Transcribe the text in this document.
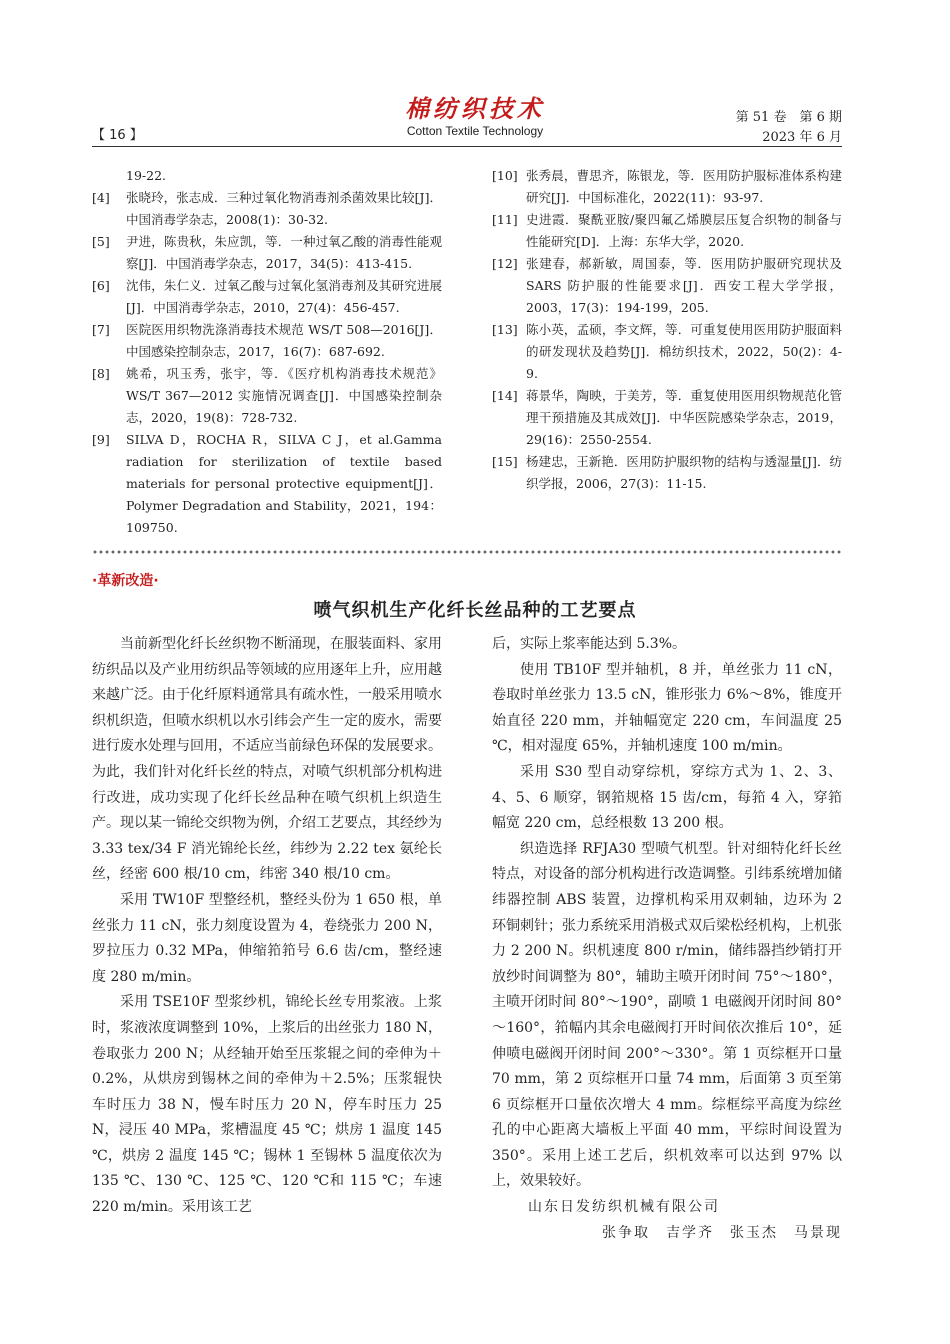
【 16 】
棉纺织技术
Cotton Textile Technology
第 51 卷　第 6 期
2023 年 6 月
19-22.
[4]	张晓玲，张志成．三种过氧化物消毒剂杀菌效果比较[J]．中国消毒学杂志，2008(1)：30-32.
[5]	尹进，陈贵秋，朱应凯，等．一种过氧乙酸的消毒性能观察[J]．中国消毒学杂志，2017，34(5)：413-415.
[6]	沈伟，朱仁义．过氧乙酸与过氧化氢消毒剂及其研究进展[J]．中国消毒学杂志，2010，27(4)：456-457.
[7]	医院医用织物洗涤消毒技术规范 WS/T 508—2016[J]．中国感染控制杂志，2017，16(7)：687-692.
[8]	姚希，巩玉秀，张宇，等．《医疗机构消毒技术规范》WS/T 367—2012 实施情况调查[J]．中国感染控制杂志，2020，19(8)：728-732.
[9]	SILVA D，ROCHA R，SILVA C J，et al.Gamma radiation for sterilization of textile based materials for personal protective equipment[J]．Polymer Degradation and Stability，2021，194：109750.
[10] 张秀晨，曹思齐，陈银龙，等．医用防护服标准体系构建研究[J]．中国标准化，2022(11)：93-97.
[11] 史进霞．聚酰亚胺/聚四氟乙烯膜层压复合织物的制备与性能研究[D]．上海：东华大学，2020.
[12] 张建春，郝新敏，周国泰，等．医用防护服研究现状及 SARS 防护服的性能要求[J]．西安工程大学学报，2003，17(3)：194-199，205.
[13] 陈小英，孟硕，李文辉，等．可重复使用医用防护服面料的研发现状及趋势[J]．棉纺织技术，2022，50(2)：4-9.
[14] 蒋景华，陶映，于美芳，等．重复使用医用织物规范化管理干预措施及其成效[J]．中华医院感染学杂志，2019，29(16)：2550-2554.
[15] 杨建忠，王新艳．医用防护服织物的结构与透湿量[J]．纺织学报，2006，27(3)：11-15.
·革新改造·
喷气织机生产化纤长丝品种的工艺要点

当前新型化纤长丝织物不断涌现，在服装面料、家用纺织品以及产业用纺织品等领域的应用逐年上升，应用越来越广泛。由于化纤原料通常具有疏水性，一般采用喷水织机织造，但喷水织机以水引纬会产生一定的废水，需要进行废水处理与回用，不适应当前绿色环保的发展要求。为此，我们针对化纤长丝的特点，对喷气织机部分机构进行改进，成功实现了化纤长丝品种在喷气织机上织造生产。现以某一锦纶交织物为例，介绍工艺要点，其经纱为 3.33 tex/34 F 消光锦纶长丝，纬纱为 2.22 tex 氨纶长丝，经密 600 根/10 cm，纬密 340 根/10 cm。

采用 TW10F 型整经机，整经头份为 1 650 根，单丝张力 11 cN，张力刻度设置为 4，卷绕张力 200 N，罗拉压力 0.32 MPa，伸缩筘筘号 6.6 齿/cm，整经速度 280 m/min。

采用 TSE10F 型浆纱机，锦纶长丝专用浆液。上浆时，浆液浓度调整到 10%，上浆后的出丝张力 180 N，卷取张力 200 N；从经轴开始至压浆辊之间的牵伸为＋0.2%，从烘房到锡林之间的牵伸为＋2.5%；压浆辊快车时压力 38 N，慢车时压力 20 N，停车时压力 25 N，浸压 40 MPa，浆槽温度 45 ℃；烘房 1 温度 145 ℃，烘房 2 温度 145 ℃；锡林 1 至锡林 5 温度依次为 135 ℃、130 ℃、125 ℃、120 ℃和 115 ℃；车速 220 m/min。采用该工艺

后，实际上浆率能达到 5.3%。

使用 TB10F 型并轴机，8 并，单丝张力 11 cN，卷取时单丝张力 13.5 cN，锥形张力 6%～8%，锥度开始直径 220 mm，并轴幅宽定 220 cm，车间温度 25 ℃，相对湿度 65%，并轴机速度 100 m/min。

采用 S30 型自动穿综机，穿综方式为 1、2、3、4、5、6 顺穿，钢筘规格 15 齿/cm，每筘 4 入，穿筘幅宽 220 cm，总经根数 13 200 根。

织造选择 RFJA30 型喷气机型。针对细特化纤长丝特点，对设备的部分机构进行改造调整。引纬系统增加储纬器控制 ABS 装置，边撑机构采用双刺轴，边环为 2 环铜刺针；张力系统采用消极式双后梁松经机构，上机张力 2 200 N。织机速度 800 r/min，储纬器挡纱销打开放纱时间调整为 80°，辅助主喷开闭时间 75°～180°，主喷开闭时间 80°～190°，副喷 1 电磁阀开闭时间 80°～160°，筘幅内其余电磁阀打开时间依次推后 10°，延伸喷电磁阀开闭时间 200°～330°。第 1 页综框开口量 70 mm，第 2 页综框开口量 74 mm，后面第 3 页至第 6 页综框开口量依次增大 4 mm。综框综平高度为综丝孔的中心距离大墙板上平面 40 mm，平综时间设置为 350°。采用上述工艺后，织机效率可以达到 97% 以上，效果较好。

山东日发纺织机械有限公司

张争取　吉学齐　张玉杰　马景现
